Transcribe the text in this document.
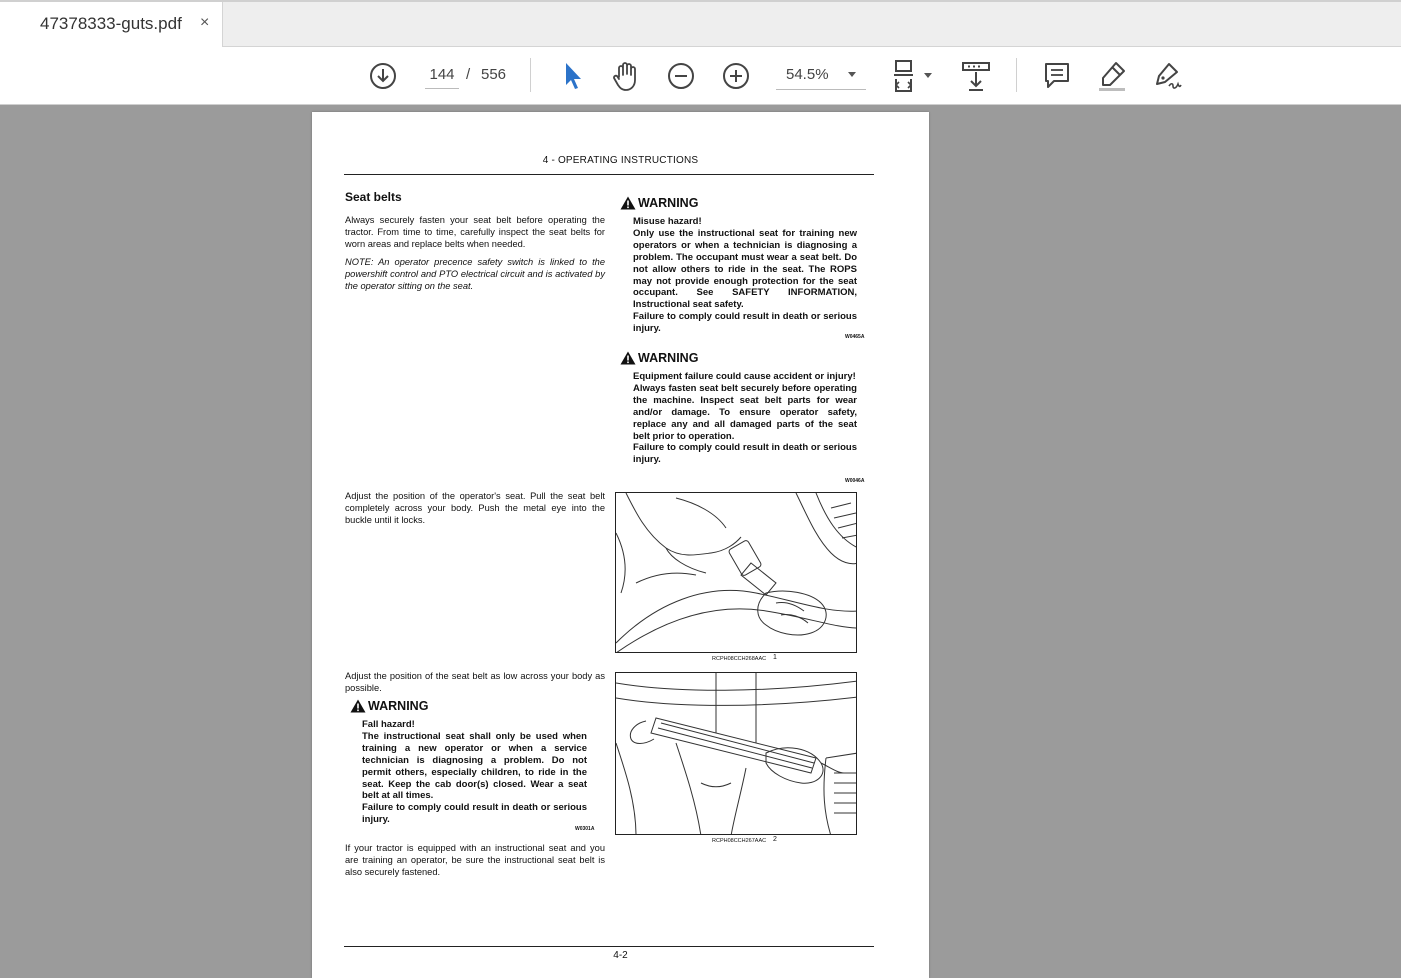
47378333-guts.pdf ×
144
/ 556	54.5%
4 - OPERATING INSTRUCTIONS
Seat belts
Always securely fasten your seat belt before operating the tractor. From time to time, carefully inspect the seat belts for worn areas and replace belts when needed.
NOTE: An operator precence safety switch is linked to the powershift control and PTO electrical circuit and is activated by the operator sitting on the seat.
WARNING
Misuse hazard!
Only use the instructional seat for training new operators or when a technician is diagnosing a problem. The occupant must wear a seat belt. Do not allow others to ride in the seat. The ROPS may not provide enough protection for the seat occupant. See SAFETY INFORMATION, Instructional seat safety.
Failure to comply could result in death or serious injury.
W0465A
WARNING
Equipment failure could cause accident or injury!
Always fasten seat belt securely before operating the machine. Inspect seat belt parts for wear and/or damage. To ensure operator safety, replace any and all damaged parts of the seat belt prior to operation.
Failure to comply could result in death or serious injury.
W0046A
Adjust the position of the operator's seat. Pull the seat belt completely across your body. Push the metal eye into the buckle until it locks.
RCPH08CCH268AAC 1
Adjust the position of the seat belt as low across your body as possible.
WARNING
Fall hazard!
The instructional seat shall only be used when training a new operator or when a service technician is diagnosing a problem. Do not permit others, especially children, to ride in the seat. Keep the cab door(s) closed. Wear a seat belt at all times.
Failure to comply could result in death or serious injury.
W0301A
RCPH08CCH267AAC 2
If your tractor is equipped with an instructional seat and you are training an operator, be sure the instructional seat belt is also securely fastened.
4-2
